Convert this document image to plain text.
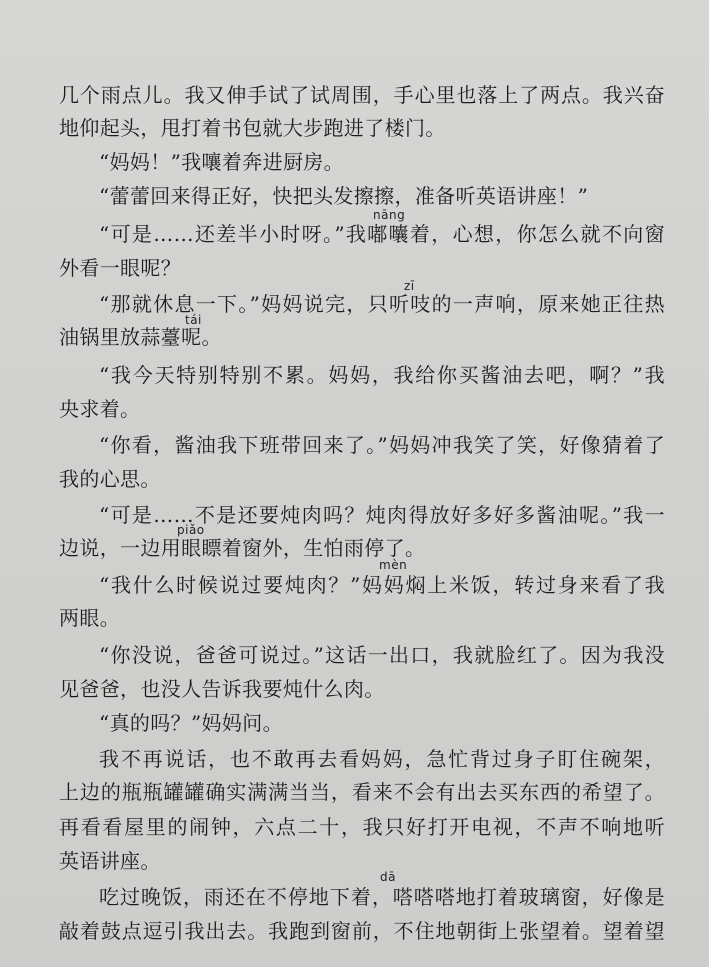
几个雨点儿。我又伸手试了试周围，手心里也落上了两点。我兴奋
地仰起头，甩打着书包就大步跑进了楼门。
“妈妈！”我嚷着奔进厨房。
“蕾蕾回来得正好，快把头发擦擦，准备听英语讲座！”
nāng
“可是……还差半小时呀。”我嘟囔着，心想，你怎么就不向窗
外看一眼呢？
zī
“那就休息一下。”妈妈说完，只听吱的一声响，原来她正往热
tái
油锅里放蒜薹呢。
“我今天特别特别不累。妈妈，我给你买酱油去吧，啊？”我
央求着。
“你看，酱油我下班带回来了。”妈妈冲我笑了笑，好像猜着了
我的心思。
“可是……不是还要炖肉吗？炖肉得放好多好多酱油呢。”我一
piǎo
边说，一边用眼瞟着窗外，生怕雨停了。
mèn
“我什么时候说过要炖肉？”妈妈焖上米饭，转过身来看了我
两眼。
“你没说，爸爸可说过。”这话一出口，我就脸红了。因为我没
见爸爸，也没人告诉我要炖什么肉。
“真的吗？”妈妈问。
我不再说话，也不敢再去看妈妈，急忙背过身子盯住碗架，
上边的瓶瓶罐罐确实满满当当，看来不会有出去买东西的希望了。
再看看屋里的闹钟，六点二十，我只好打开电视，不声不响地听
英语讲座。
dā
吃过晚饭，雨还在不停地下着，嗒嗒嗒地打着玻璃窗，好像是
敲着鼓点逗引我出去。我跑到窗前，不住地朝街上张望着。望着望
